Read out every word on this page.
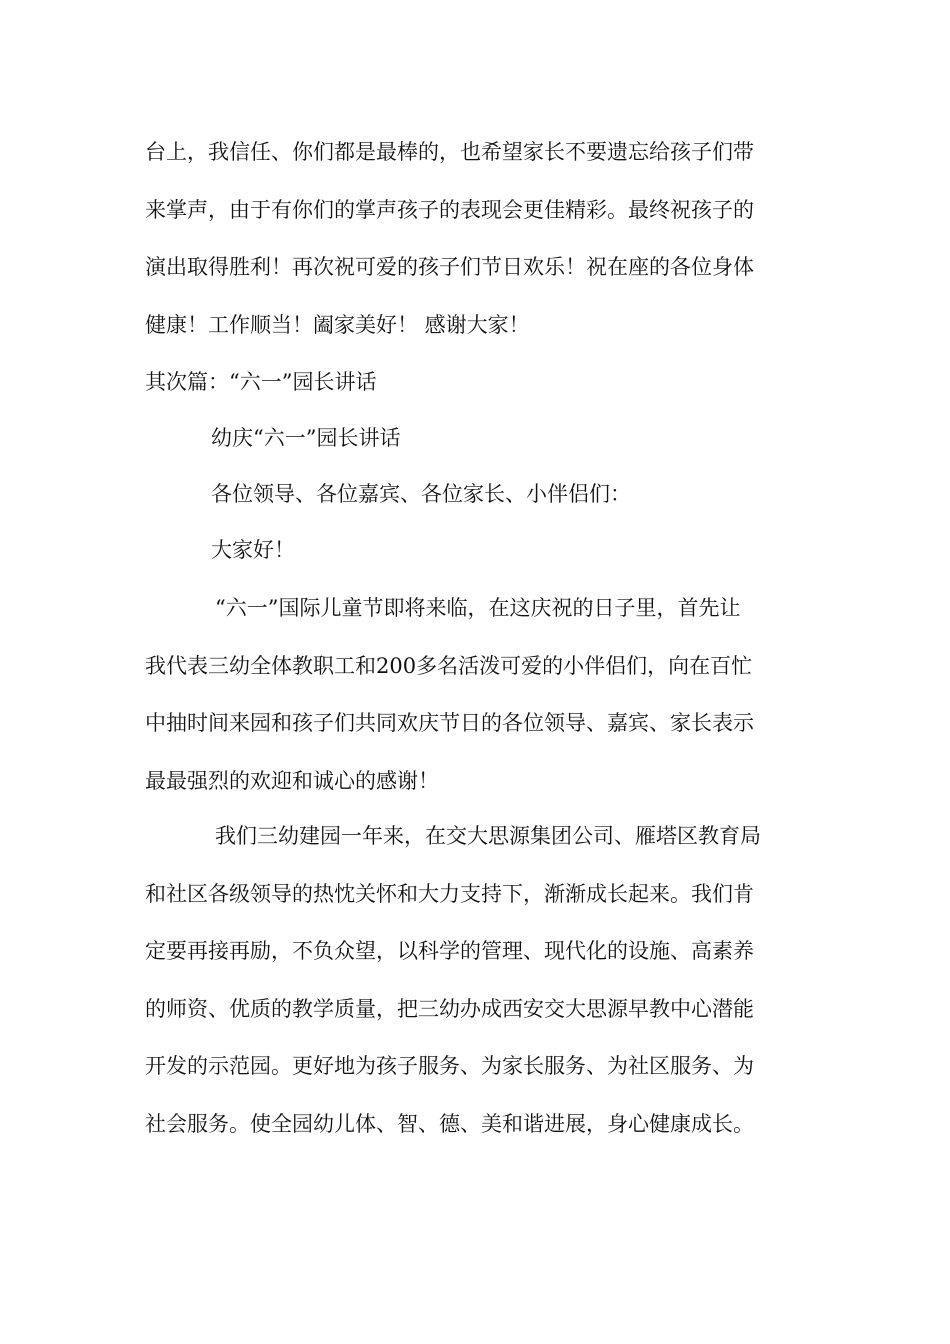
台上，我信任、你们都是最棒的，也希望家长不要遗忘给孩子们带
来掌声，由于有你们的掌声孩子的表现会更佳精彩。最终祝孩子的
演出取得胜利！再次祝可爱的孩子们节日欢乐！祝在座的各位身体
健康！工作顺当！阖家美好！ 感谢大家！
其次篇：“六一”园长讲话
幼庆“六一”园长讲话
各位领导、各位嘉宾、各位家长、小伴侣们：
大家好！
“六一”国际儿童节即将来临，在这庆祝的日子里，首先让
我代表三幼全体教职工和200多名活泼可爱的小伴侣们，向在百忙
中抽时间来园和孩子们共同欢庆节日的各位领导、嘉宾、家长表示
最最强烈的欢迎和诚心的感谢！
我们三幼建园一年来，在交大思源集团公司、雁塔区教育局
和社区各级领导的热忱关怀和大力支持下，渐渐成长起来。我们肯
定要再接再励，不负众望，以科学的管理、现代化的设施、高素养
的师资、优质的教学质量，把三幼办成西安交大思源早教中心潜能
开发的示范园。更好地为孩子服务、为家长服务、为社区服务、为
社会服务。使全园幼儿体、智、德、美和谐进展，身心健康成长。
